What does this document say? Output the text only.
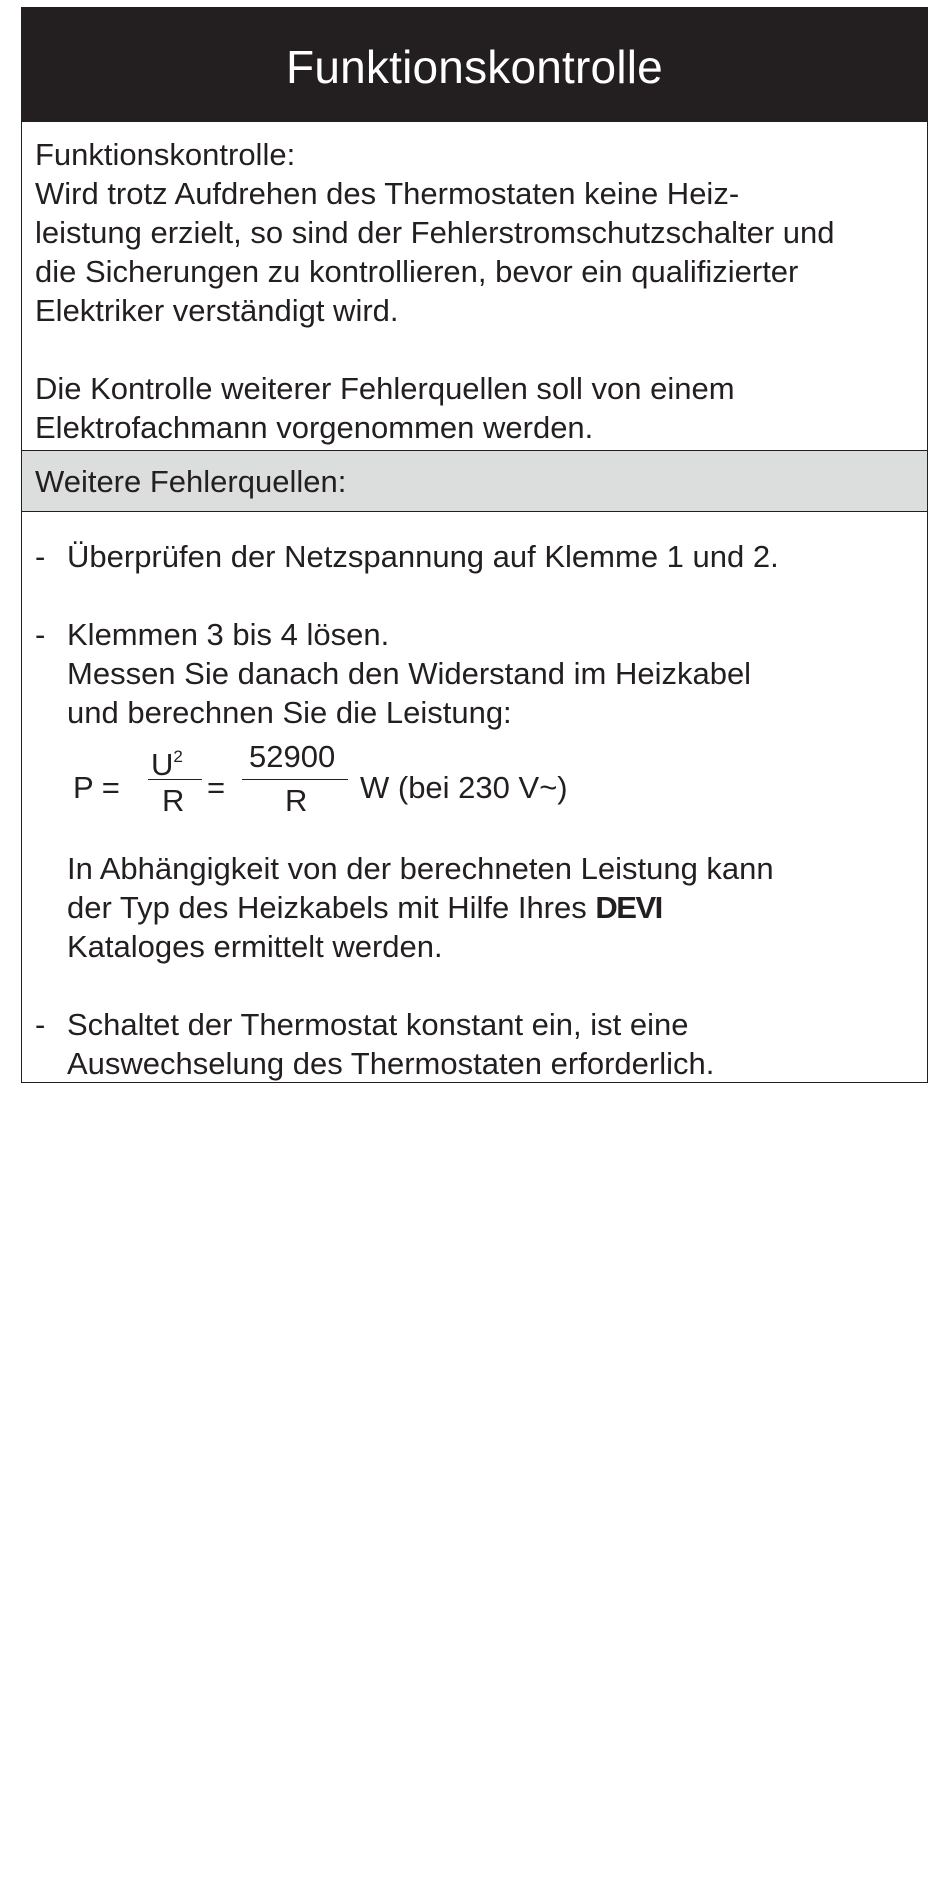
Funktionskontrolle
Funktionskontrolle:
Wird trotz Aufdrehen des Thermostaten keine Heiz-
leistung erzielt, so sind der Fehlerstromschutzschalter und
die Sicherungen zu kontrollieren, bevor ein qualifizierter
Elektriker verständigt wird.
Die Kontrolle weiterer Fehlerquellen soll von einem
Elektrofachmann vorgenommen werden.
Weitere Fehlerquellen:
- Überprüfen der Netzspannung auf Klemme 1 und 2.
- Klemmen 3 bis 4 lösen.
Messen Sie danach den Widerstand im Heizkabel
und berechnen Sie die Leistung:
P =
$U^2$
R =
52900
R W (bei 230 V~)
In Abhängigkeit von der berechneten Leistung kann
der Typ des Heizkabels mit Hilfe Ihres DEVI
Kataloges ermittelt werden.
- Schaltet der Thermostat konstant ein, ist eine
Auswechselung des Thermostaten erforderlich.
